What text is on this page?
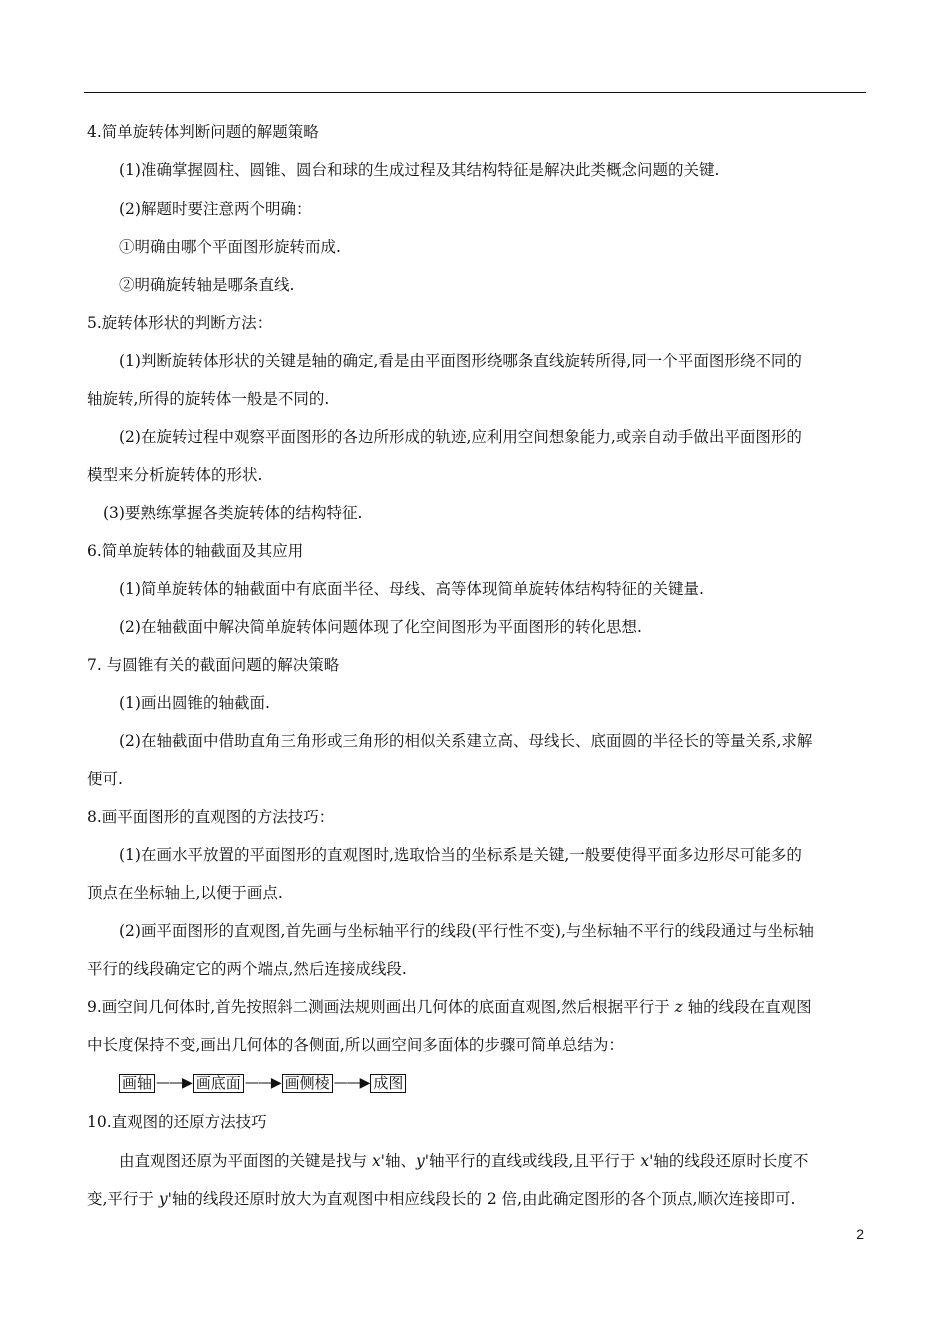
4.简单旋转体判断问题的解题策略
(1)准确掌握圆柱、圆锥、圆台和球的生成过程及其结构特征是解决此类概念问题的关键.
(2)解题时要注意两个明确：
①明确由哪个平面图形旋转而成.
②明确旋转轴是哪条直线.
5.旋转体形状的判断方法：
(1)判断旋转体形状的关键是轴的确定,看是由平面图形绕哪条直线旋转所得,同一个平面图形绕不同的
轴旋转,所得的旋转体一般是不同的.
(2)在旋转过程中观察平面图形的各边所形成的轨迹,应利用空间想象能力,或亲自动手做出平面图形的
模型来分析旋转体的形状.
(3)要熟练掌握各类旋转体的结构特征.
6.简单旋转体的轴截面及其应用
(1)简单旋转体的轴截面中有底面半径、母线、高等体现简单旋转体结构特征的关键量.
(2)在轴截面中解决简单旋转体问题体现了化空间图形为平面图形的转化思想.
7. 与圆锥有关的截面问题的解决策略
(1)画出圆锥的轴截面.
(2)在轴截面中借助直角三角形或三角形的相似关系建立高、母线长、底面圆的半径长的等量关系,求解
便可.
8.画平面图形的直观图的方法技巧：
(1)在画水平放置的平面图形的直观图时,选取恰当的坐标系是关键,一般要使得平面多边形尽可能多的
顶点在坐标轴上,以便于画点.
(2)画平面图形的直观图,首先画与坐标轴平行的线段(平行性不变),与坐标轴不平行的线段通过与坐标轴
平行的线段确定它的两个端点,然后连接成线段.
9.画空间几何体时,首先按照斜二测画法规则画出几何体的底面直观图,然后根据平行于 z 轴的线段在直观图
中长度保持不变,画出几何体的各侧面,所以画空间多面体的步骤可简单总结为：
画轴 ——▶ 画底面 ——▶ 画侧棱 ——▶ 成图
10.直观图的还原方法技巧
由直观图还原为平面图的关键是找与 x'轴、y'轴平行的直线或线段,且平行于 x'轴的线段还原时长度不
变,平行于 y'轴的线段还原时放大为直观图中相应线段长的 2 倍,由此确定图形的各个顶点,顺次连接即可.
2
